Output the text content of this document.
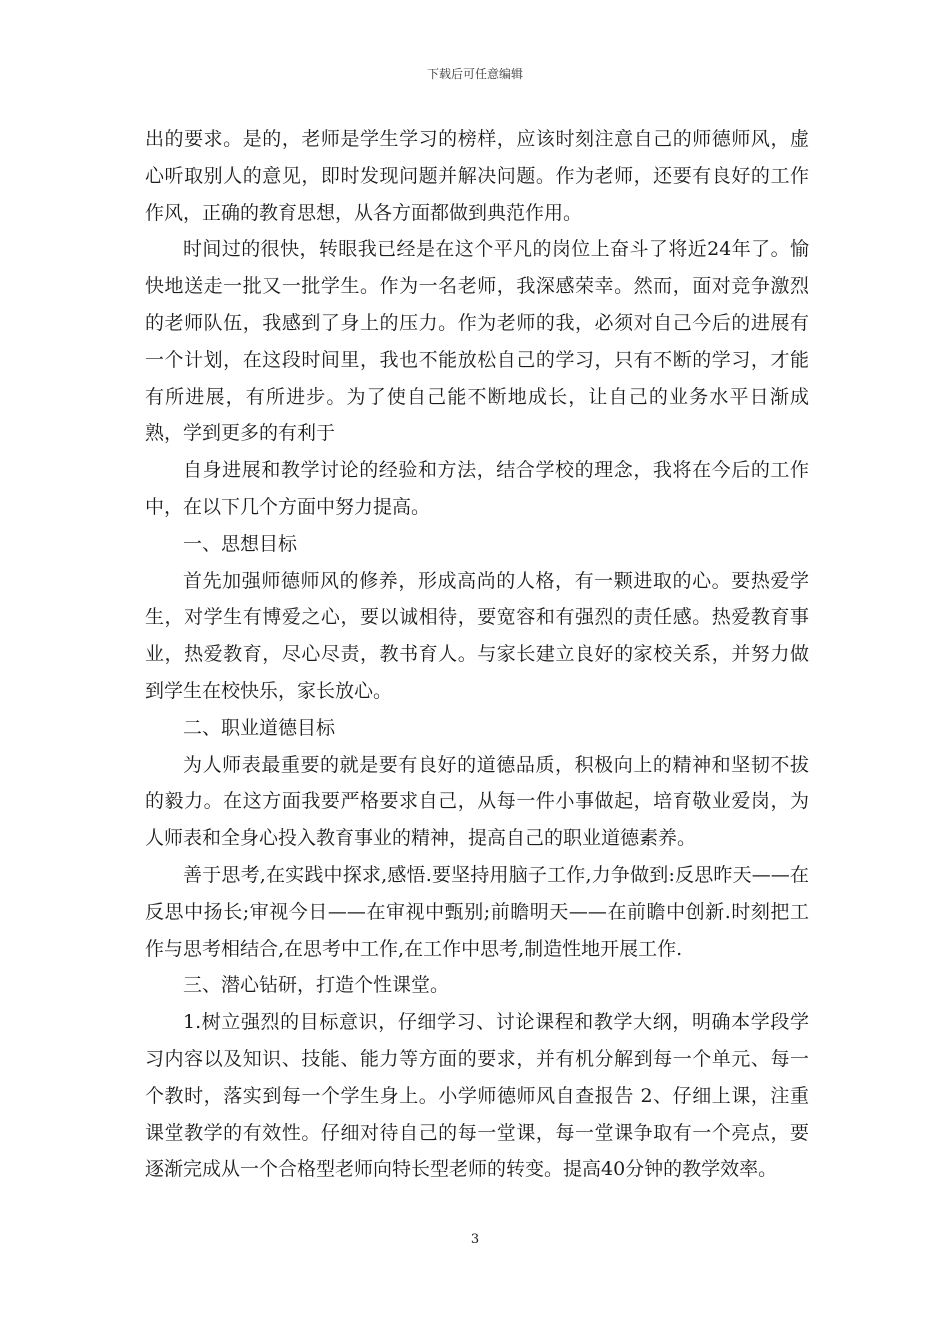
下载后可任意编辑

出的要求。是的，老师是学生学习的榜样，应该时刻注意自己的师德师风，虚心听取别人的意见，即时发现问题并解决问题。作为老师，还要有良好的工作作风，正确的教育思想，从各方面都做到典范作用。

时间过的很快，转眼我已经是在这个平凡的岗位上奋斗了将近24年了。愉快地送走一批又一批学生。作为一名老师，我深感荣幸。然而，面对竞争激烈的老师队伍，我感到了身上的压力。作为老师的我，必须对自己今后的进展有一个计划，在这段时间里，我也不能放松自己的学习，只有不断的学习，才能有所进展，有所进步。为了使自己能不断地成长，让自己的业务水平日渐成熟，学到更多的有利于

自身进展和教学讨论的经验和方法，结合学校的理念，我将在今后的工作中，在以下几个方面中努力提高。

一、思想目标

首先加强师德师风的修养，形成高尚的人格，有一颗进取的心。要热爱学生，对学生有博爱之心，要以诚相待，要宽容和有强烈的责任感。热爱教育事业，热爱教育，尽心尽责，教书育人。与家长建立良好的家校关系，并努力做到学生在校快乐，家长放心。

二、职业道德目标

为人师表最重要的就是要有良好的道德品质，积极向上的精神和坚韧不拔的毅力。在这方面我要严格要求自己，从每一件小事做起，培育敬业爱岗，为人师表和全身心投入教育事业的精神，提高自己的职业道德素养。

善于思考,在实践中探求,感悟.要坚持用脑子工作,力争做到:反思昨天——在反思中扬长;审视今日——在审视中甄别;前瞻明天——在前瞻中创新.时刻把工作与思考相结合,在思考中工作,在工作中思考,制造性地开展工作.

三、潜心钻研，打造个性课堂。

1.树立强烈的目标意识，仔细学习、讨论课程和教学大纲，明确本学段学习内容以及知识、技能、能力等方面的要求，并有机分解到每一个单元、每一个教时，落实到每一个学生身上。小学师德师风自查报告 2、仔细上课，注重课堂教学的有效性。仔细对待自己的每一堂课，每一堂课争取有一个亮点，要逐渐完成从一个合格型老师向特长型老师的转变。提高40分钟的教学效率。

3
